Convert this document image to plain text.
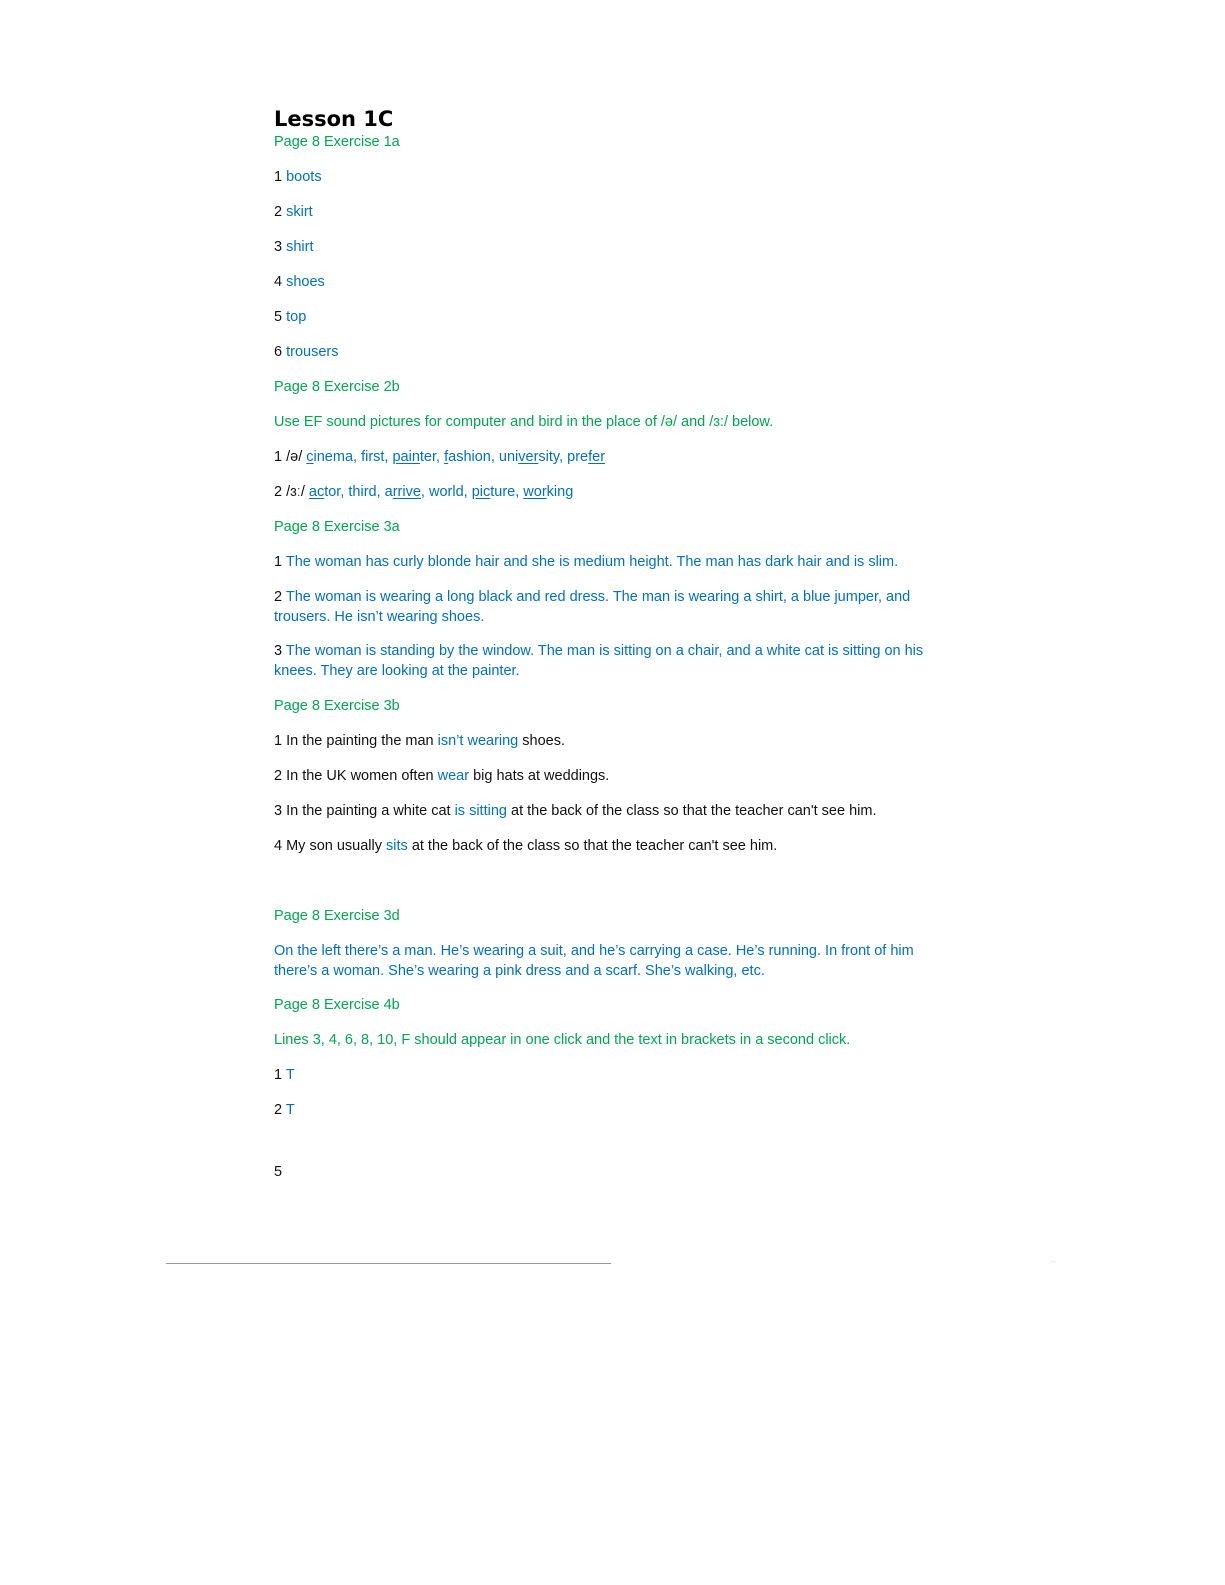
Lesson 1C
Page 8 Exercise 1a
1 boots
2 skirt
3 shirt
4 shoes
5 top
6 trousers
Page 8 Exercise 2b
Use EF sound pictures for computer and bird in the place of /ə/ and /ɜ:/ below.
1 /ə/ cinema, first, painter, fashion, university, prefer
2 /ɜː/ actor, third, arrive, world, picture, working
Page 8 Exercise 3a
1 The woman has curly blonde hair and she is medium height. The man has dark hair and is slim.
2 The woman is wearing a long black and red dress. The man is wearing a shirt, a blue jumper, and trousers. He isn’t wearing shoes.
3 The woman is standing by the window. The man is sitting on a chair, and a white cat is sitting on his knees. They are looking at the painter.
Page 8 Exercise 3b
1 In the painting the man isn’t wearing shoes.
2 In the UK women often wear big hats at weddings.
3 In the painting a white cat is sitting at the back of the class so that the teacher can't see him.
4 My son usually sits at the back of the class so that the teacher can't see him.
Page 8 Exercise 3d
On the left there’s a man. He’s wearing a suit, and he’s carrying a case. He’s running. In front of him there’s a woman. She’s wearing a pink dress and a scarf. She’s walking, etc.
Page 8 Exercise 4b
Lines 3, 4, 6, 8, 10, F should appear in one click and the text in brackets in a second click.
1 T
2 T
5
..
